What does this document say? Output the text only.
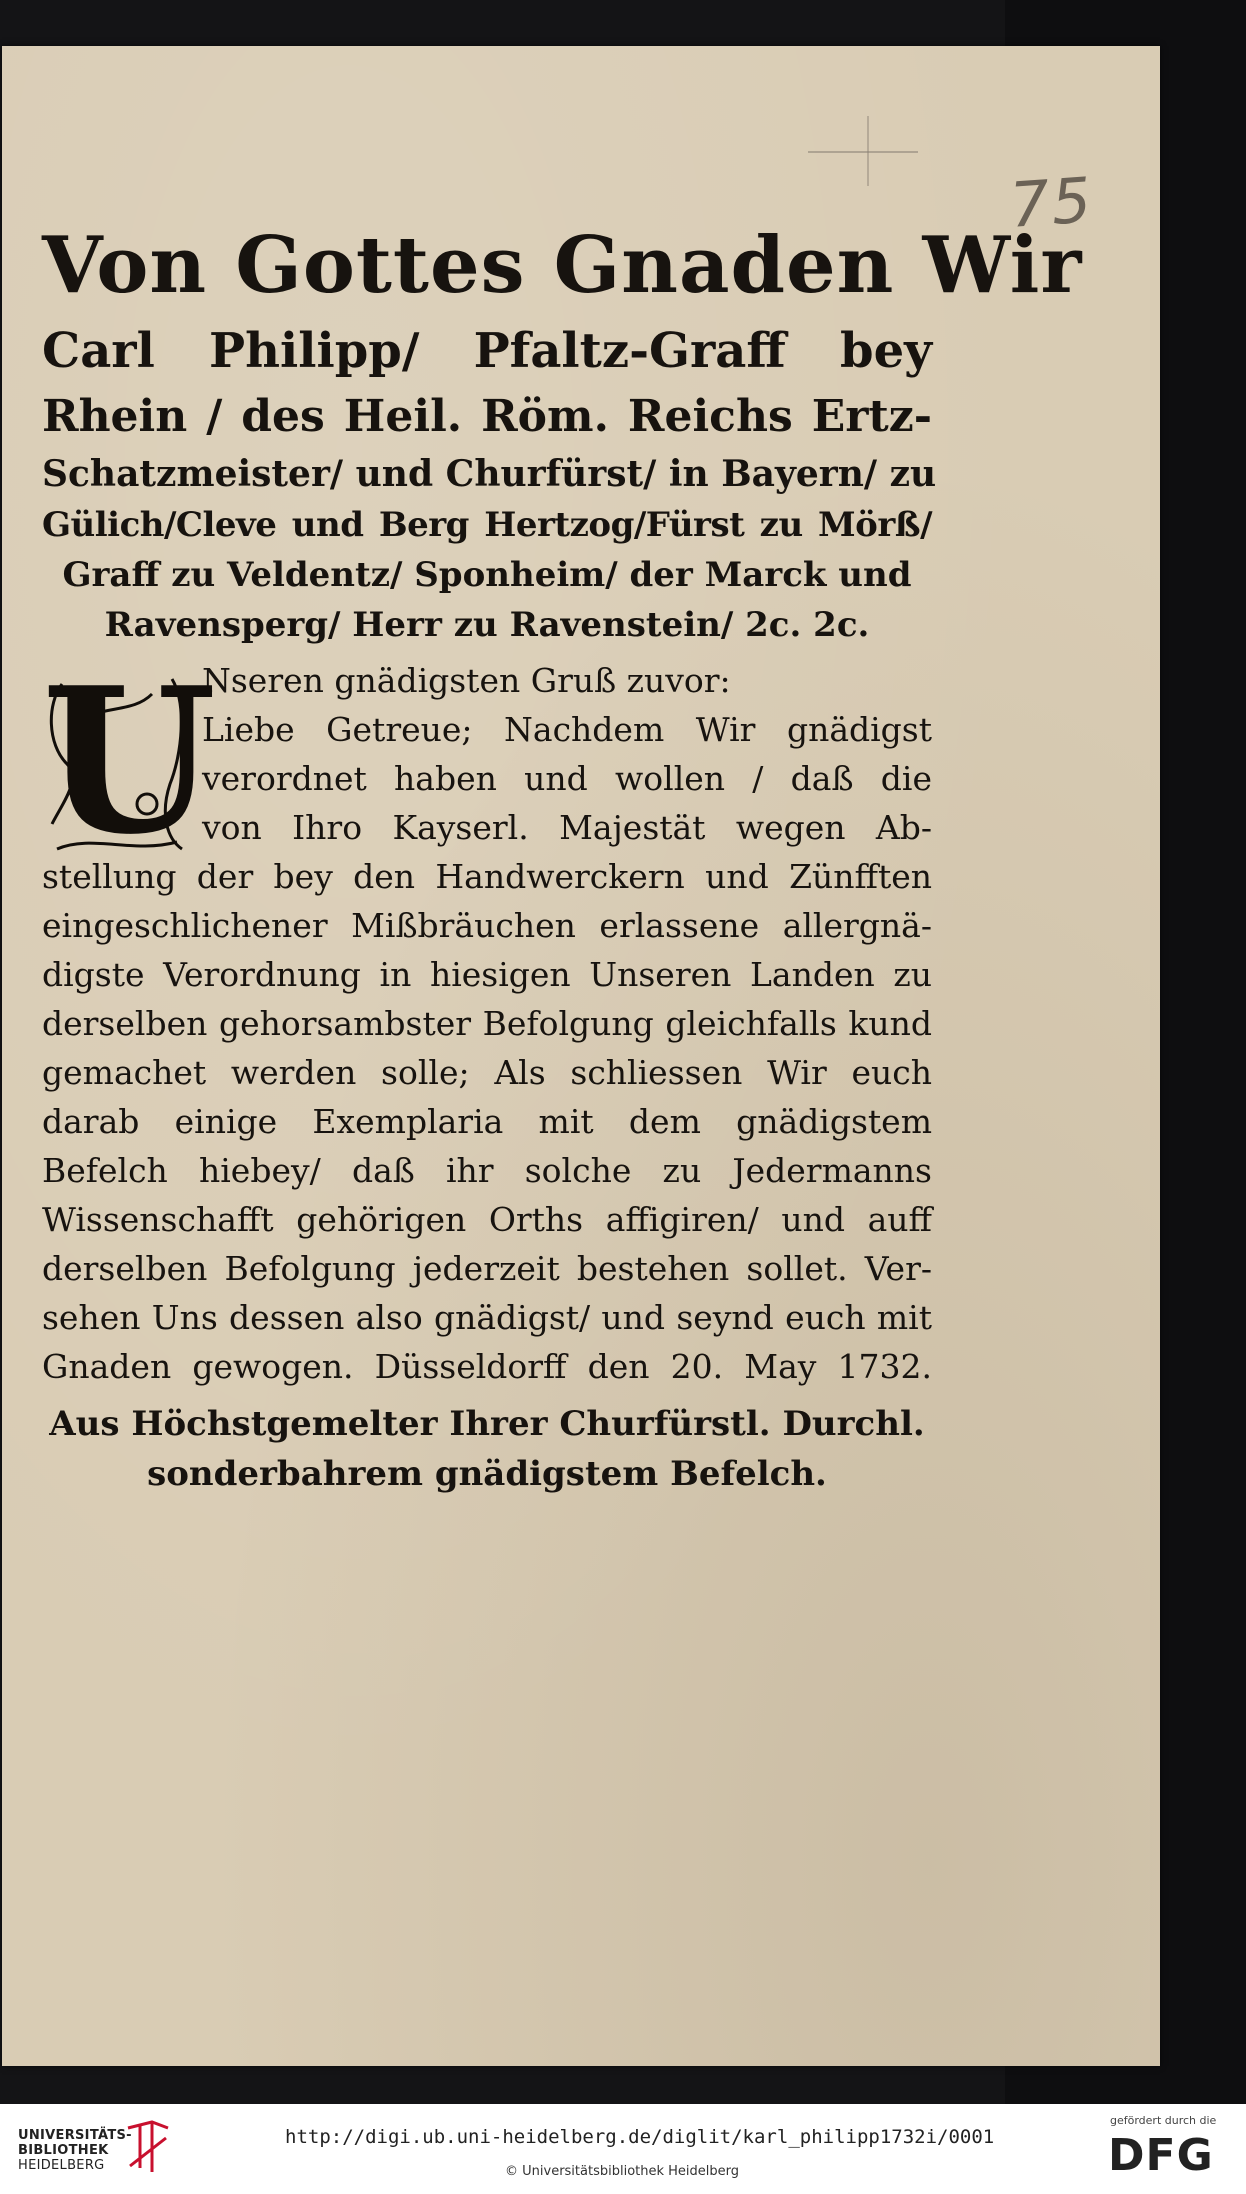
75

Von Gottes Gnaden Wir

Carl Philipp/ Pfaltz-Graff bey

Rhein / des Heil. Röm. Reichs Ertz-

Schatzmeister/ und Churfürst/ in Bayern/ zu

Gülich/Cleve und Berg Hertzog/Fürst zu Mörß/

Graff zu Veldentz/ Sponheim/ der Marck und

Ravensperg/ Herr zu Ravenstein/ 2c. 2c.

U

Nseren gnädigsten Gruß zuvor:

Liebe Getreue; Nachdem Wir gnädigst

verordnet haben und wollen / daß die

von Ihro Kayserl. Majestät wegen Ab-

stellung der bey den Handwerckern und Zünfften

eingeschlichener Mißbräuchen erlassene allergnä-

digste Verordnung in hiesigen Unseren Landen zu

derselben gehorsambster Befolgung gleichfalls kund

gemachet werden solle; Als schliessen Wir euch

darab einige Exemplaria mit dem gnädigstem

Befelch hiebey/ daß ihr solche zu Jedermanns

Wissenschafft gehörigen Orths affigiren/ und auff

derselben Befolgung jederzeit bestehen sollet. Ver-

sehen Uns dessen also gnädigst/ und seynd euch mit

Gnaden gewogen. Düsseldorff den 20. May 1732.

Aus Höchstgemelter Ihrer Churfürstl. Durchl.

sonderbahrem gnädigstem Befelch.

UNIVERSITÄTS-
BIBLIOTHEK
HEIDELBERG
http://digi.ub.uni-heidelberg.de/diglit/karl_philipp1732i/0001
© Universitätsbibliothek Heidelberg
gefördert durch die
DFG
